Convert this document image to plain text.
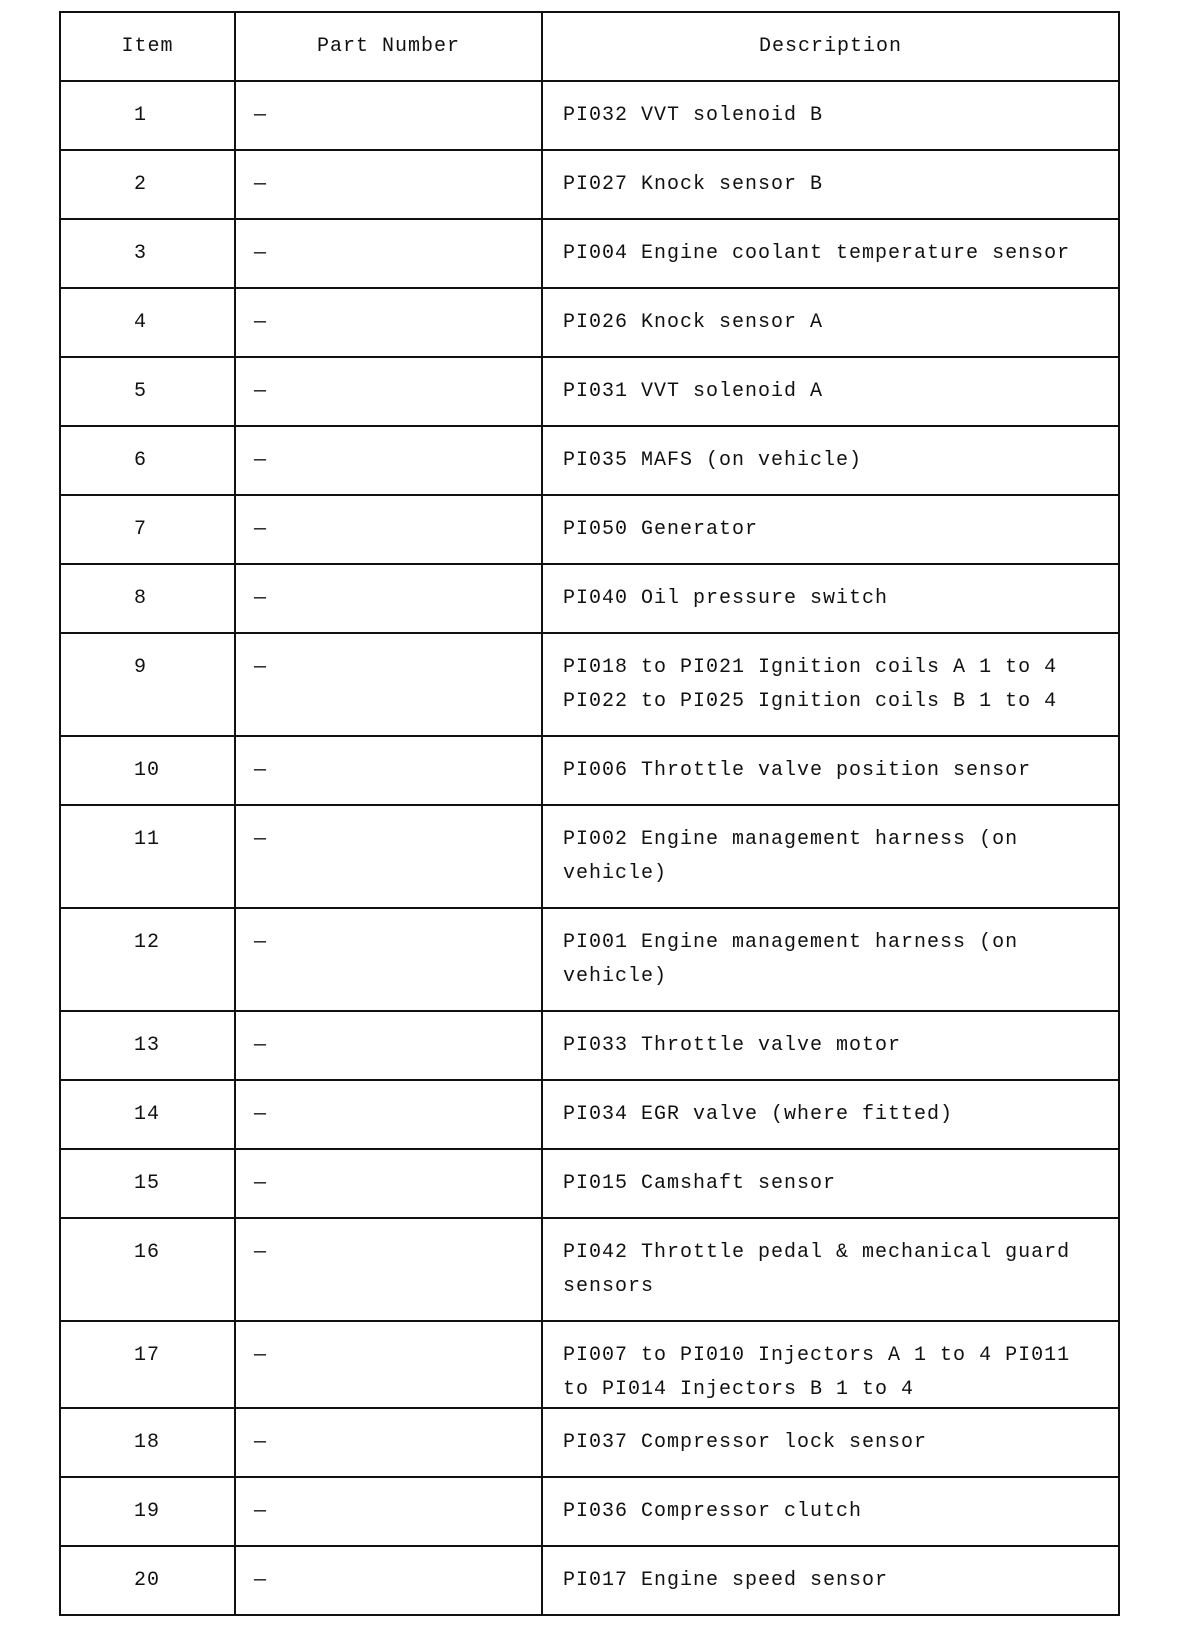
Item	Part Number	Description
1	—	PI032 VVT solenoid B
2	—	PI027 Knock sensor B
3	—	PI004 Engine coolant temperature sensor
4	—	PI026 Knock sensor A
5	—	PI031 VVT solenoid A
6	—	PI035 MAFS (on vehicle)
7	—	PI050 Generator
8	—	PI040 Oil pressure switch
9	—	PI018 to PI021 Ignition coils A 1 to 4 PI022 to PI025 Ignition coils B 1 to 4
10	—	PI006 Throttle valve position sensor
11	—	PI002 Engine management harness (on vehicle)
12	—	PI001 Engine management harness (on vehicle)
13	—	PI033 Throttle valve motor
14	—	PI034 EGR valve (where fitted)
15	—	PI015 Camshaft sensor
16	—	PI042 Throttle pedal & mechanical guard sensors
17	—	PI007 to PI010 Injectors A 1 to 4 PI011 to PI014 Injectors B 1 to 4
18	—	PI037 Compressor lock sensor
19	—	PI036 Compressor clutch
20	—	PI017 Engine speed sensor
